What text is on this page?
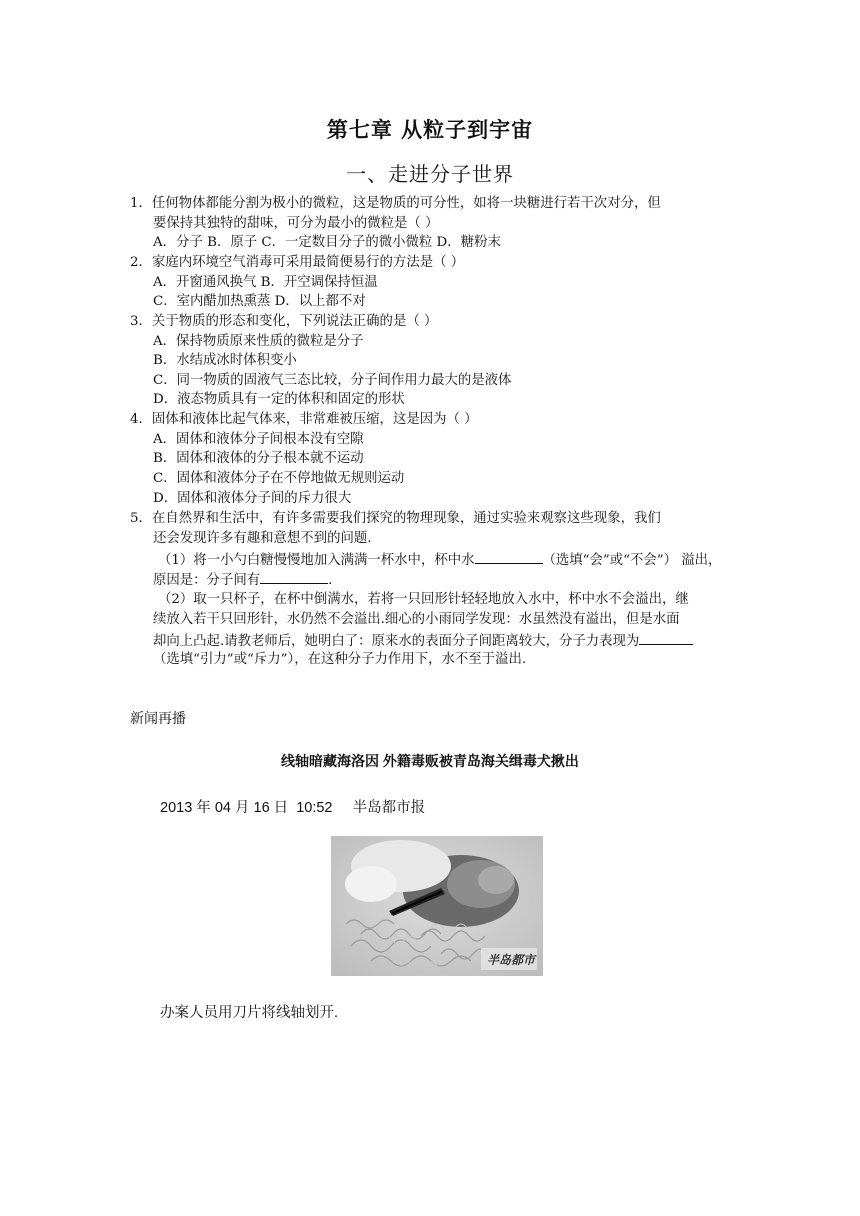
第七章 从粒子到宇宙
一、走进分子世界
1．任何物体都能分割为极小的微粒，这是物质的可分性，如将一块糖进行若干次对分，但
要保持其独特的甜味，可分为最小的微粒是（ ）
A．分子 B．原子 C．一定数目分子的微小微粒 D．糖粉末
2．家庭内环境空气消毒可采用最简便易行的方法是（ ）
A．开窗通风换气 B．开空调保持恒温
C．室内醋加热熏蒸 D．以上都不对
3．关于物质的形态和变化，下列说法正确的是（ ）
A．保持物质原来性质的微粒是分子
B．水结成冰时体积变小
C．同一物质的固液气三态比较，分子间作用力最大的是液体
D．液态物质具有一定的体积和固定的形状
4．固体和液体比起气体来，非常难被压缩，这是因为（ ）
A．固体和液体分子间根本没有空隙
B．固体和液体的分子根本就不运动
C．固体和液体分子在不停地做无规则运动
D．固体和液体分子间的斥力很大
5．在自然界和生活中，有许多需要我们探究的物理现象，通过实验来观察这些现象，我们
还会发现许多有趣和意想不到的问题.
（1）将一小勺白糖慢慢地加入满满一杯水中，杯中水	（选填“会”或“不会”） 溢出，
原因是：分子间有	.
（2）取一只杯子，在杯中倒满水，若将一只回形针轻轻地放入水中，杯中水不会溢出，继
续放入若干只回形针，水仍然不会溢出.细心的小雨同学发现：水虽然没有溢出，但是水面
却向上凸起.请教老师后，她明白了：原来水的表面分子间距离较大，分子力表现为
（选填“引力”或“斥力”），在这种分子力作用下，水不至于溢出.
新闻再播
线轴暗藏海洛因 外籍毒贩被青岛海关缉毒犬揪出
2013 年 04 月 16 日  10:52     半岛都市报
半岛都市
办案人员用刀片将线轴划开.
